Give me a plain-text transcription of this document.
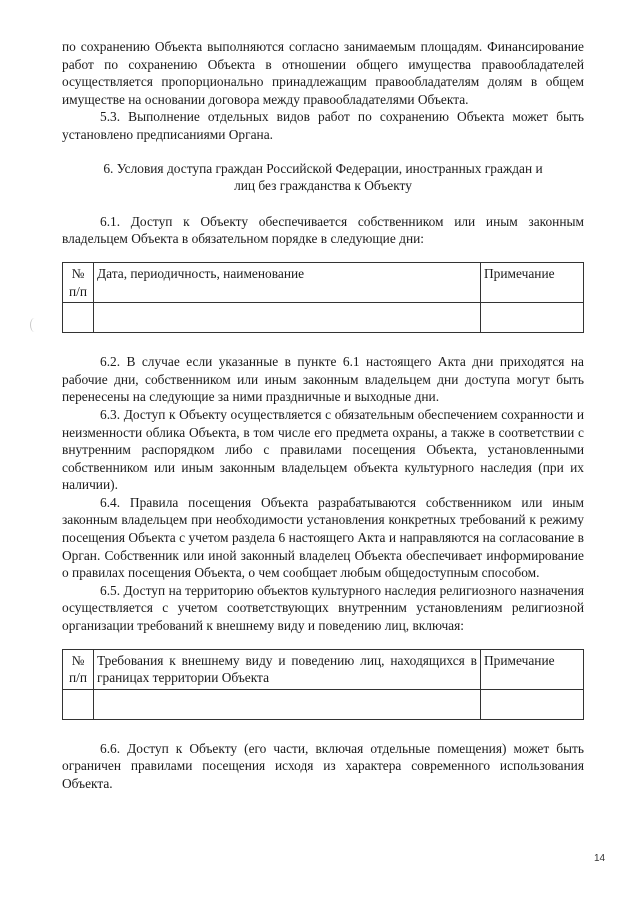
по сохранению Объекта выполняются согласно занимаемым площадям. Финансирование работ по сохранению Объекта в отношении общего имущества правообладателей осуществляется пропорционально принадлежащим правообладателям долям в общем имуществе на основании договора между правообладателями Объекта.

5.3. Выполнение отдельных видов работ по сохранению Объекта может быть установлено предписаниями Органа.

6. Условия доступа граждан Российской Федерации, иностранных граждан и
лиц без гражданства к Объекту

6.1. Доступ к Объекту обеспечивается собственником или иным законным владельцем Объекта в обязательном порядке в следующие дни:

№ п/п	Дата, периодичность, наименование	Примечание

6.2. В случае если указанные в пункте 6.1 настоящего Акта дни приходятся на рабочие дни, собственником или иным законным владельцем дни доступа могут быть перенесены на следующие за ними праздничные и выходные дни.

6.3. Доступ к Объекту осуществляется с обязательным обеспечением сохранности и неизменности облика Объекта, в том числе его предмета охраны, а также в соответствии с внутренним распорядком либо с правилами посещения Объекта, установленными собственником или иным законным владельцем объекта культурного наследия (при их наличии).

6.4. Правила посещения Объекта разрабатываются собственником или иным законным владельцем при необходимости установления конкретных требований к режиму посещения Объекта с учетом раздела 6 настоящего Акта и направляются на согласование в Орган. Собственник или иной законный владелец Объекта обеспечивает информирование о правилах посещения Объекта, о чем сообщает любым общедоступным способом.

6.5. Доступ на территорию объектов культурного наследия религиозного назначения осуществляется с учетом соответствующих внутренним установлениям религиозной организации требований к внешнему виду и поведению лиц, включая:

№ п/п	Требования к внешнему виду и поведению лиц, находящихся в границах территории Объекта	Примечание

6.6. Доступ к Объекту (его части, включая отдельные помещения) может быть ограничен правилами посещения исходя из характера современного использования Объекта.

14
